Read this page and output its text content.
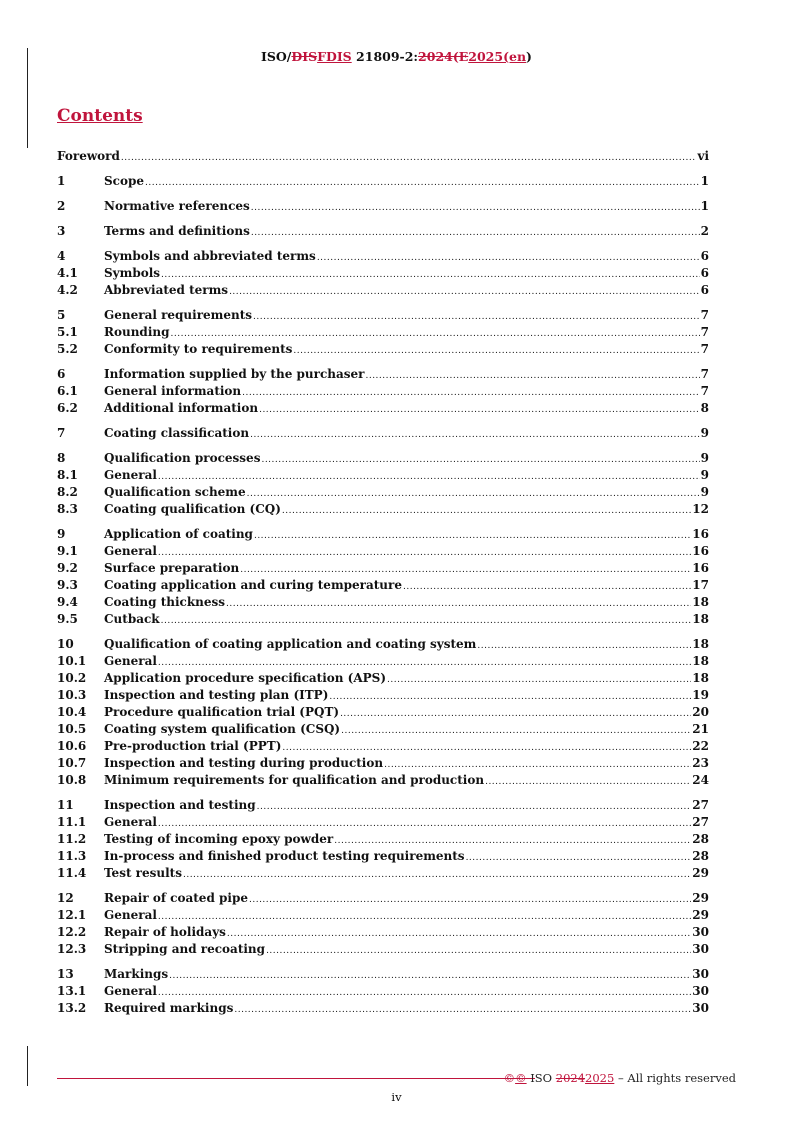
ISO/DISFDIS 21809-2:2024(E2025(en)
Contents
Foreword .....	vi
1	Scope .....	1
2	Normative references .....	1
3	Terms and definitions .....	2
4	Symbols and abbreviated terms .....	6
4.1	Symbols .....	6
4.2	Abbreviated terms .....	6
5	General requirements .....	7
5.1	Rounding .....	7
5.2	Conformity to requirements .....	7
6	Information supplied by the purchaser .....	7
6.1	General information .....	7
6.2	Additional information .....	8
7	Coating classification .....	9
8	Qualification processes .....	9
8.1	General .....	9
8.2	Qualification scheme .....	9
8.3	Coating qualification (CQ) .....	12
9	Application of coating .....	16
9.1	General .....	16
9.2	Surface preparation .....	16
9.3	Coating application and curing temperature .....	17
9.4	Coating thickness .....	18
9.5	Cutback .....	18
10	Qualification of coating application and coating system .....	18
10.1	General .....	18
10.2	Application procedure specification (APS) .....	18
10.3	Inspection and testing plan (ITP) .....	19
10.4	Procedure qualification trial (PQT) .....	20
10.5	Coating system qualification (CSQ) .....	21
10.6	Pre-production trial (PPT) .....	22
10.7	Inspection and testing during production .....	23
10.8	Minimum requirements for qualification and production .....	24
11	Inspection and testing .....	27
11.1	General .....	27
11.2	Testing of incoming epoxy powder .....	28
11.3	In-process and finished product testing requirements .....	28
11.4	Test results .....	29
12	Repair of coated pipe .....	29
12.1	General .....	29
12.2	Repair of holidays .....	30
12.3	Stripping and recoating .....	30
13	Markings .....	30
13.1	General .....	30
13.2	Required markings .....	30
©© ISO 20242025 – All rights reserved
iv
